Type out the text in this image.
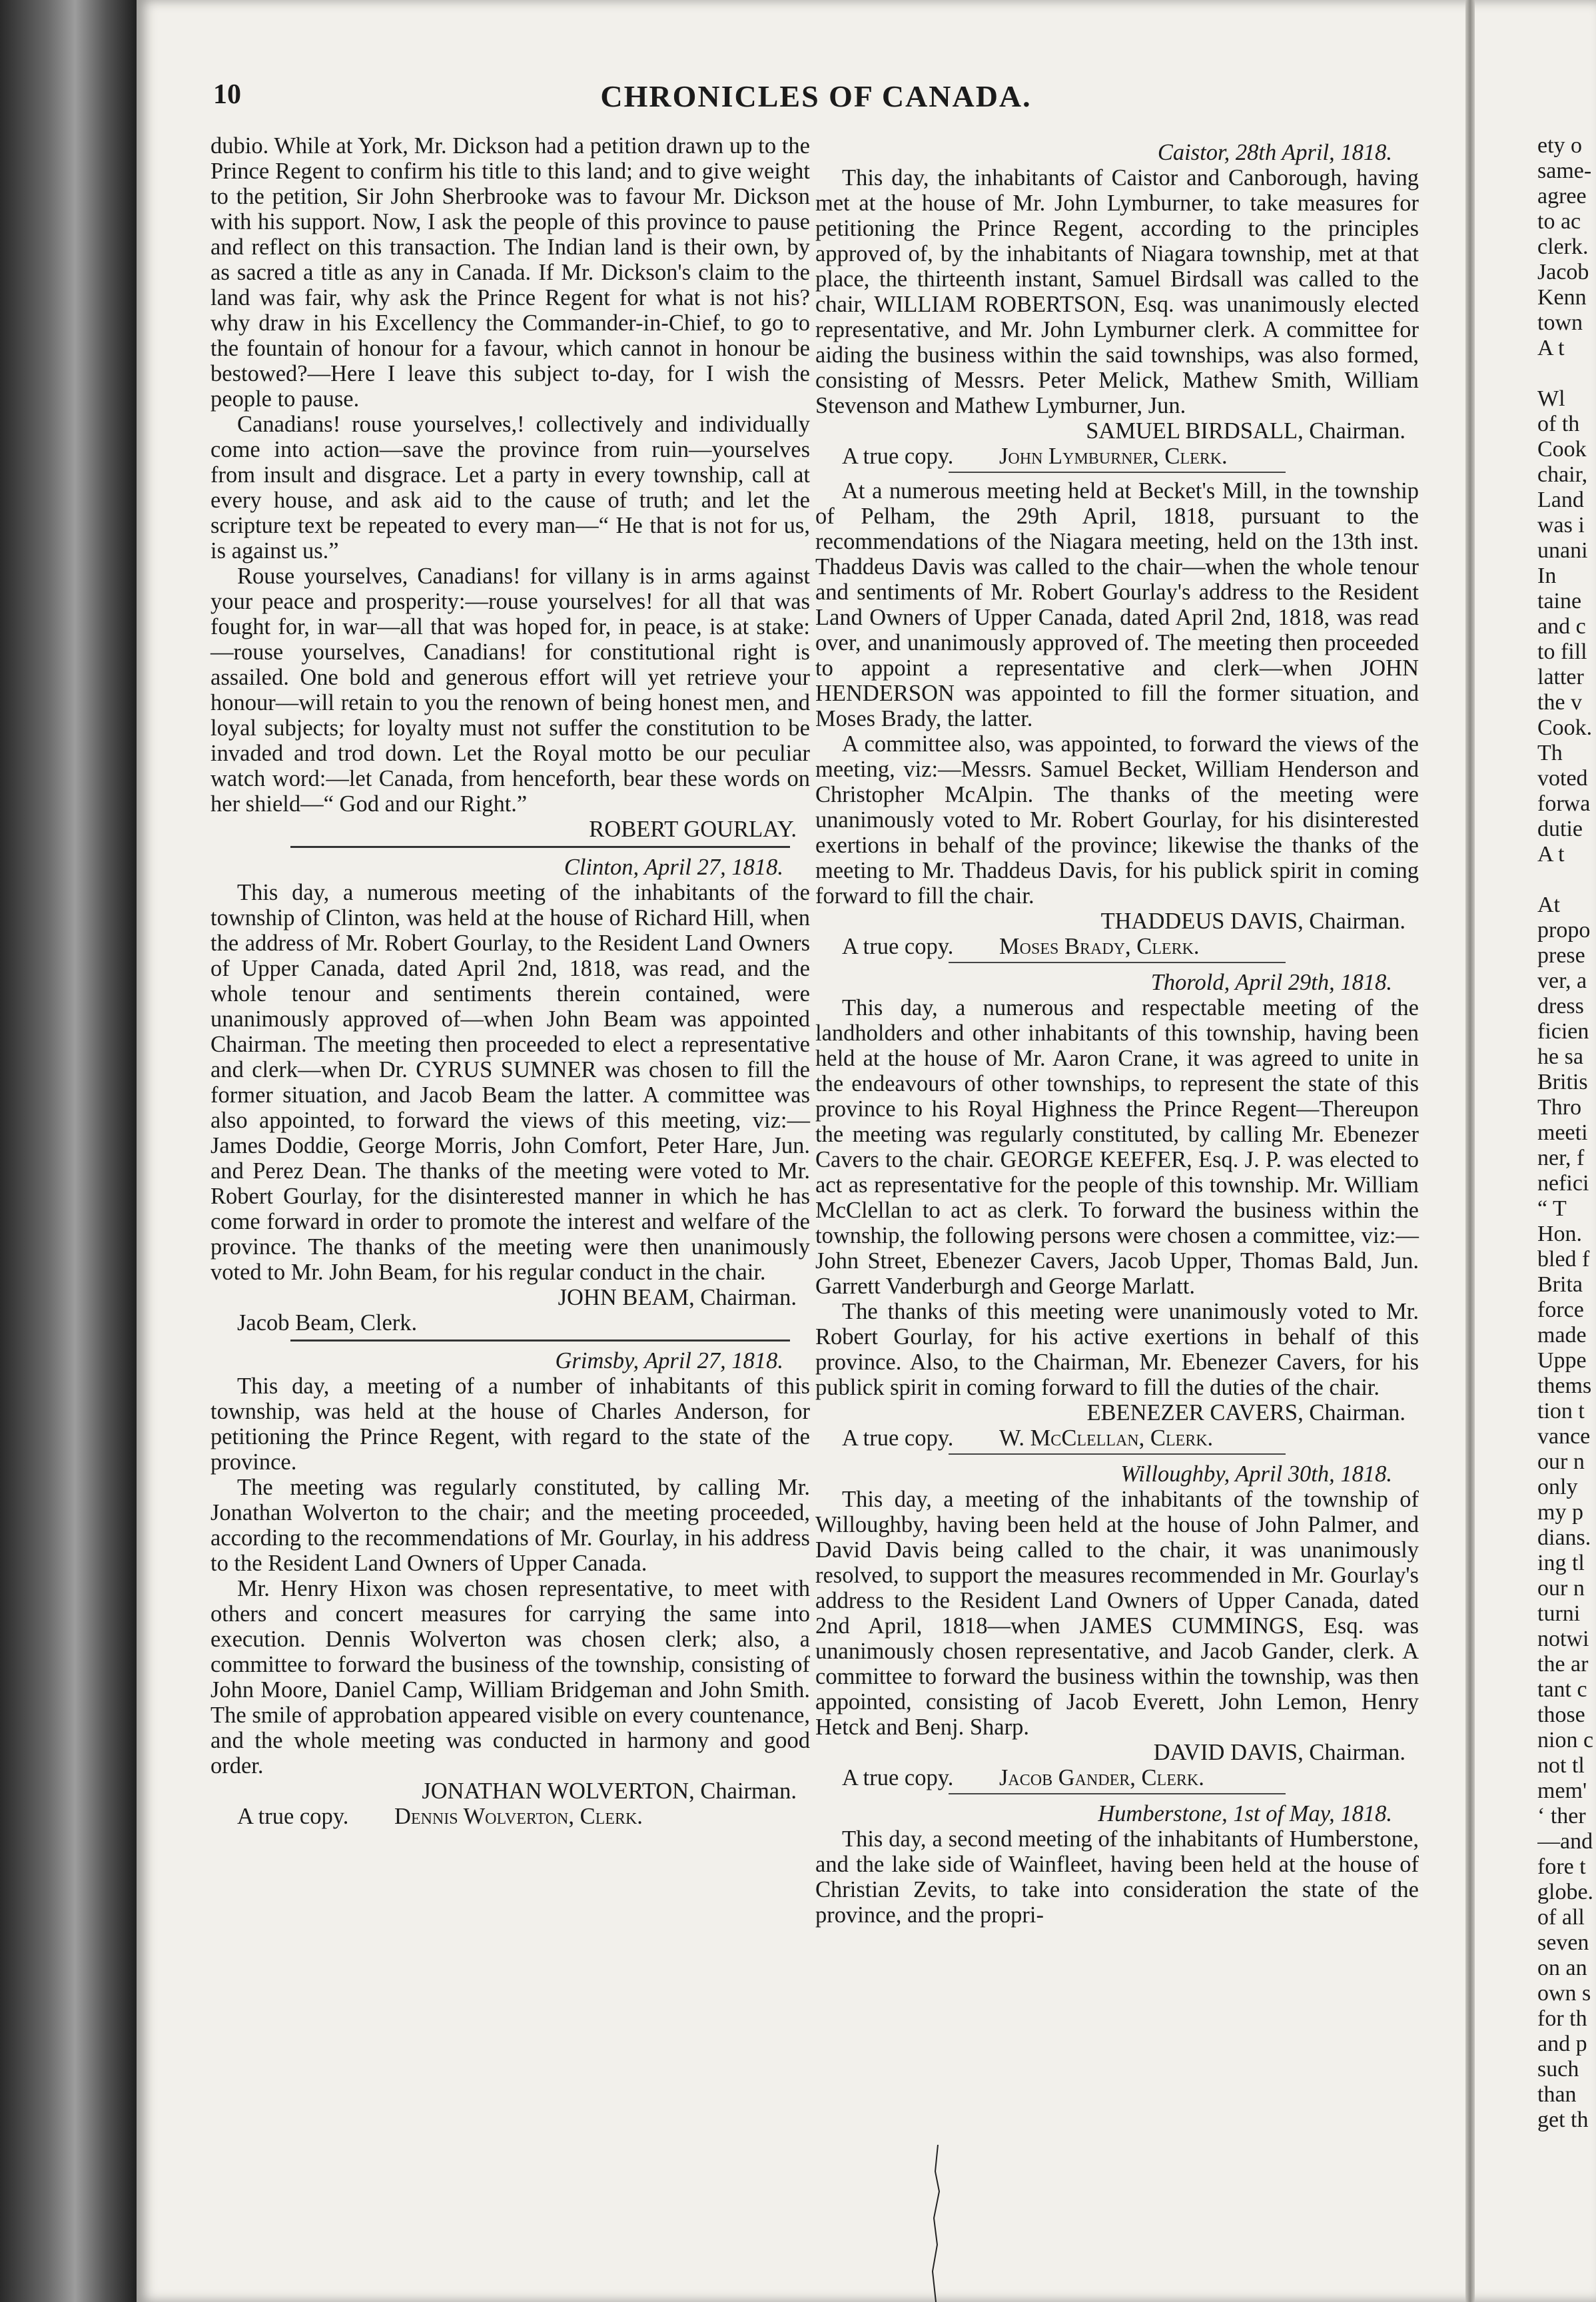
10	CHRONICLES OF CANADA.

dubio. While at York, Mr. Dickson had a petition drawn up to the Prince Regent to confirm his title to this land; and to give weight to the petition, Sir John Sherbrooke was to favour Mr. Dickson with his support. Now, I ask the people of this province to pause and reflect on this transaction. The Indian land is their own, by as sacred a title as any in Canada. If Mr. Dickson's claim to the land was fair, why ask the Prince Regent for what is not his? why draw in his Excellency the Commander-in-Chief, to go to the fountain of honour for a favour, which cannot in honour be bestowed?—Here I leave this subject to-day, for I wish the people to pause.

Canadians! rouse yourselves,! collectively and individually come into action—save the province from ruin—yourselves from insult and disgrace. Let a party in every township, call at every house, and ask aid to the cause of truth; and let the scripture text be repeated to every man—“ He that is not for us, is against us.”

Rouse yourselves, Canadians! for villany is in arms against your peace and prosperity:—rouse yourselves! for all that was fought for, in war—all that was hoped for, in peace, is at stake:—rouse yourselves, Canadians! for constitutional right is assailed. One bold and generous effort will yet retrieve your honour—will retain to you the renown of being honest men, and loyal subjects; for loyalty must not suffer the constitution to be invaded and trod down. Let the Royal motto be our peculiar watch word:—let Canada, from henceforth, bear these words on her shield—“ God and our Right.”

ROBERT GOURLAY.
Clinton, April 27, 1818.

This day, a numerous meeting of the inhabitants of the township of Clinton, was held at the house of Richard Hill, when the address of Mr. Robert Gourlay, to the Resident Land Owners of Upper Canada, dated April 2nd, 1818, was read, and the whole tenour and sentiments therein contained, were unanimously approved of—when John Beam was appointed Chairman. The meeting then proceeded to elect a representative and clerk—when Dr. CYRUS SUMNER was chosen to fill the former situation, and Jacob Beam the latter. A committee was also appointed, to forward the views of this meeting, viz:—James Doddie, George Morris, John Comfort, Peter Hare, Jun. and Perez Dean. The thanks of the meeting were voted to Mr. Robert Gourlay, for the disinterested manner in which he has come forward in order to promote the interest and welfare of the province. The thanks of the meeting were then unanimously voted to Mr. John Beam, for his regular conduct in the chair.

JOHN BEAM, Chairman.
Jacob Beam, Clerk.
Grimsby, April 27, 1818.

This day, a meeting of a number of inhabitants of this township, was held at the house of Charles Anderson, for petitioning the Prince Regent, with regard to the state of the province.

The meeting was regularly constituted, by calling Mr. Jonathan Wolverton to the chair; and the meeting proceeded, according to the recommendations of Mr. Gourlay, in his address to the Resident Land Owners of Upper Canada.

Mr. Henry Hixon was chosen representative, to meet with others and concert measures for carrying the same into execution. Dennis Wolverton was chosen clerk; also, a committee to forward the business of the township, consisting of John Moore, Daniel Camp, William Bridgeman and John Smith. The smile of approbation appeared visible on every countenance, and the whole meeting was conducted in harmony and good order.

JONATHAN WOLVERTON, Chairman.
A true copy. Dennis Wolverton, Clerk.
Caistor, 28th April, 1818.

This day, the inhabitants of Caistor and Canborough, having met at the house of Mr. John Lymburner, to take measures for petitioning the Prince Regent, according to the principles approved of, by the inhabitants of Niagara township, met at that place, the thirteenth instant, Samuel Birdsall was called to the chair, WILLIAM ROBERTSON, Esq. was unanimously elected representative, and Mr. John Lymburner clerk. A committee for aiding the business within the said townships, was also formed, consisting of Messrs. Peter Melick, Mathew Smith, William Stevenson and Mathew Lymburner, Jun.

SAMUEL BIRDSALL, Chairman.
A true copy. John Lymburner, Clerk.

At a numerous meeting held at Becket's Mill, in the township of Pelham, the 29th April, 1818, pursuant to the recommendations of the Niagara meeting, held on the 13th inst. Thaddeus Davis was called to the chair—when the whole tenour and sentiments of Mr. Robert Gourlay's address to the Resident Land Owners of Upper Canada, dated April 2nd, 1818, was read over, and unanimously approved of. The meeting then proceeded to appoint a representative and clerk—when JOHN HENDERSON was appointed to fill the former situation, and Moses Brady, the latter.

A committee also, was appointed, to forward the views of the meeting, viz:—Messrs. Samuel Becket, William Henderson and Christopher McAlpin. The thanks of the meeting were unanimously voted to Mr. Robert Gourlay, for his disinterested exertions in behalf of the province; likewise the thanks of the meeting to Mr. Thaddeus Davis, for his publick spirit in coming forward to fill the chair.

THADDEUS DAVIS, Chairman.
A true copy. Moses Brady, Clerk.
Thorold, April 29th, 1818.

This day, a numerous and respectable meeting of the landholders and other inhabitants of this township, having been held at the house of Mr. Aaron Crane, it was agreed to unite in the endeavours of other townships, to represent the state of this province to his Royal Highness the Prince Regent—Thereupon the meeting was regularly constituted, by calling Mr. Ebenezer Cavers to the chair. GEORGE KEEFER, Esq. J. P. was elected to act as representative for the people of this township. Mr. William McClellan to act as clerk. To forward the business within the township, the following persons were chosen a committee, viz:—John Street, Ebenezer Cavers, Jacob Upper, Thomas Bald, Jun. Garrett Vanderburgh and George Marlatt.

The thanks of this meeting were unanimously voted to Mr. Robert Gourlay, for his active exertions in behalf of this province. Also, to the Chairman, Mr. Ebenezer Cavers, for his publick spirit in coming forward to fill the duties of the chair.

EBENEZER CAVERS, Chairman.
A true copy. W. McClellan, Clerk.
Willoughby, April 30th, 1818.

This day, a meeting of the inhabitants of the township of Willoughby, having been held at the house of John Palmer, and David Davis being called to the chair, it was unanimously resolved, to support the measures recommended in Mr. Gourlay's address to the Resident Land Owners of Upper Canada, dated 2nd April, 1818—when JAMES CUMMINGS, Esq. was unanimously chosen representative, and Jacob Gander, clerk. A committee to forward the business within the township, was then appointed, consisting of Jacob Everett, John Lemon, Henry Hetck and Benj. Sharp.

DAVID DAVIS, Chairman.
A true copy. Jacob Gander, Clerk.
Humberstone, 1st of May, 1818.

This day, a second meeting of the inhabitants of Humberstone, and the lake side of Wainfleet, having been held at the house of Christian Zevits, to take into consideration the state of the province, and the propri-

ety o
same-
agree
to ac
clerk.
Jacob
Kenn
town
A t
Wl
of th
Cook
chair,
Land
was i
unani
In
taine
and c
to fill
latter
the v
Cook.
Th
voted
forwa
dutie
A t
At
propo
prese
ver, a
dress
ficien
he sa
Britis
Thro
meeti
ner, f
nefici
“ T
Hon.
bled f
Brita
force
made
Uppe
thems
tion t
vance
our n
only
my p
dians.
ing tl
our n
turni
notwi
the ar
tant c
those
nion c
not tl
mem'
‘ ther
—and
fore t
globe.
of all
seven
on an
own s
for th
and p
such
than
get th
